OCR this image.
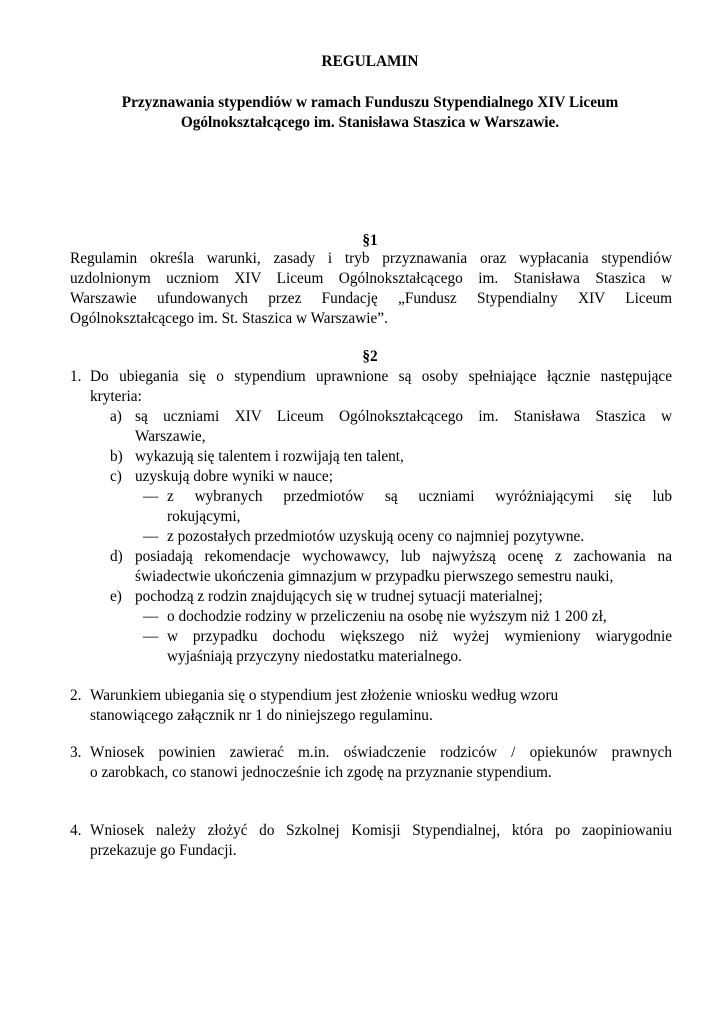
REGULAMIN
Przyznawania stypendiów w ramach Funduszu Stypendialnego XIV Liceum
Ogólnokształcącego im. Stanisława Staszica w Warszawie.
§1
Regulamin określa warunki, zasady i tryb przyznawania oraz wypłacania stypendiów
uzdolnionym uczniom XIV Liceum Ogólnokształcącego im. Stanisława Staszica w
Warszawie ufundowanych przez Fundację „Fundusz Stypendialny XIV Liceum
Ogólnokształcącego im. St. Staszica w Warszawie”.
§2
1. Do ubiegania się o stypendium uprawnione są osoby spełniające łącznie następujące
kryteria:
a) są uczniami XIV Liceum Ogólnokształcącego im. Stanisława Staszica w
Warszawie,
b) wykazują się talentem i rozwijają ten talent,
c) uzyskują dobre wyniki w nauce;
— z wybranych przedmiotów są uczniami wyróżniającymi się lub
rokującymi,
— z pozostałych przedmiotów uzyskują oceny co najmniej pozytywne.
d) posiadają rekomendacje wychowawcy, lub najwyższą ocenę z zachowania na
świadectwie ukończenia gimnazjum w przypadku pierwszego semestru nauki,
e) pochodzą z rodzin znajdujących się w trudnej sytuacji materialnej;
— o dochodzie rodziny w przeliczeniu na osobę nie wyższym niż 1 200 zł,
— w przypadku dochodu większego niż wyżej wymieniony wiarygodnie
wyjaśniają przyczyny niedostatku materialnego.
2. Warunkiem ubiegania się o stypendium jest złożenie wniosku według wzoru
stanowiącego załącznik nr 1 do niniejszego regulaminu.
3. Wniosek powinien zawierać m.in. oświadczenie rodziców / opiekunów prawnych
o zarobkach, co stanowi jednocześnie ich zgodę na przyznanie stypendium.
4. Wniosek należy złożyć do Szkolnej Komisji Stypendialnej, która po zaopiniowaniu
przekazuje go Fundacji.
